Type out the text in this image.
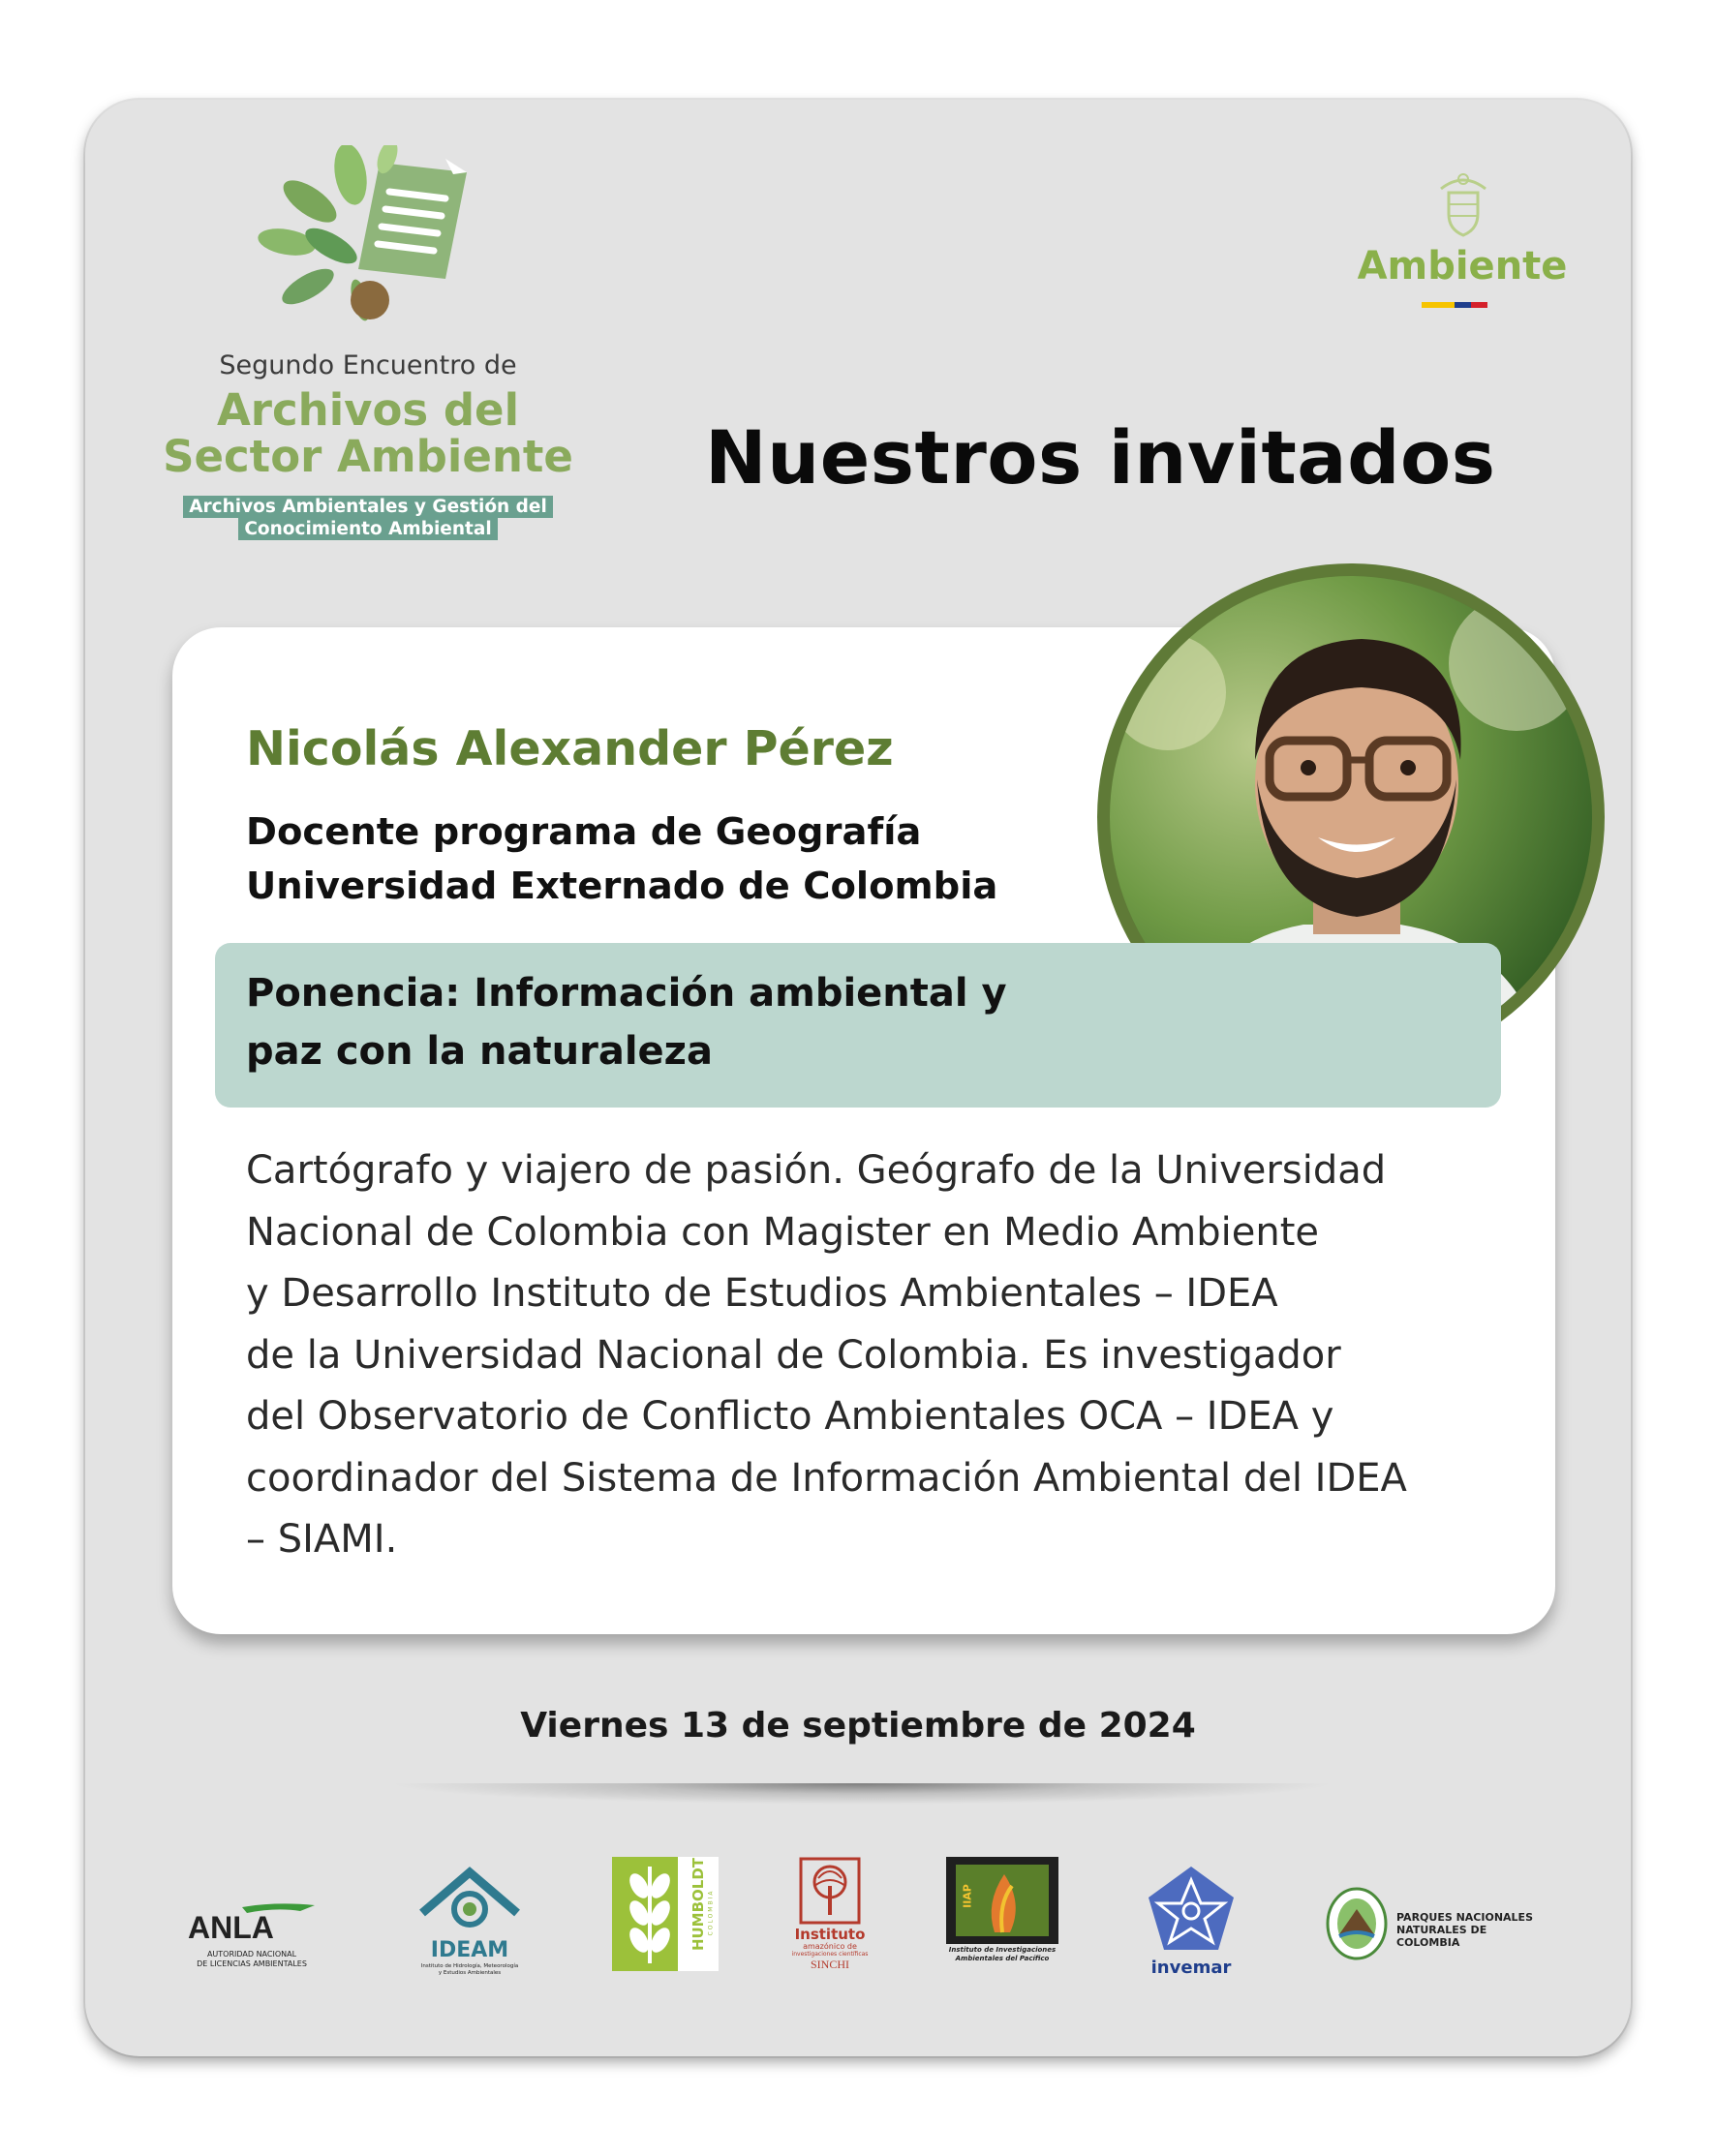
Segundo Encuentro de
Archivos del
Sector Ambiente
Archivos Ambientales y Gestión del
Conocimiento Ambiental
Ambiente
Nuestros invitados
Nicolás Alexander Pérez
Docente programa de Geografía
Universidad Externado de Colombia
Ponencia: Información ambiental y
paz con la naturaleza
Cartógrafo y viajero de pasión. Geógrafo de la Universidad
Nacional de Colombia con Magister en Medio Ambiente
y Desarrollo Instituto de Estudios Ambientales – IDEA
de la Universidad Nacional de Colombia. Es investigador
del Observatorio de Conflicto Ambientales OCA – IDEA y
coordinador del Sistema de Información Ambiental del IDEA
– SIAMI.
Viernes 13 de septiembre de 2024
ANLA
AUTORIDAD NACIONAL
DE LICENCIAS AMBIENTALES
IDEAM
Instituto de Hidrología, Meteorología
y Estudios Ambientales
HUMBOLDT COLOMBIA	Instituto
amazónico de
investigaciones científicas
SINCHI
IIAP
Instituto de Investigaciones
Ambientales del Pacífico	invemar
PARQUES NACIONALES
NATURALES DE COLOMBIA
